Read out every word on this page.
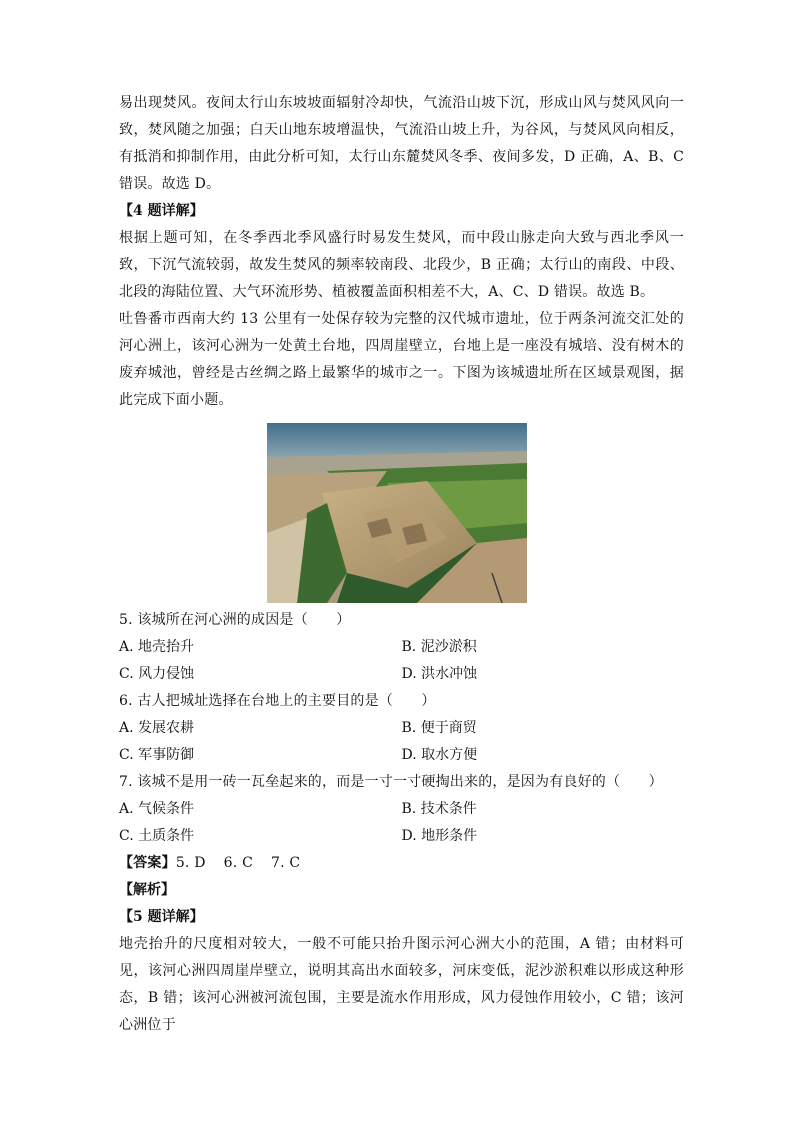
易出现焚风。夜间太行山东坡坡面辐射冷却快，气流沿山坡下沉，形成山风与焚风风向一致，焚风随之加强；白天山地东坡增温快，气流沿山坡上升，为谷风，与焚风风向相反，有抵消和抑制作用，由此分析可知，太行山东麓焚风冬季、夜间多发，D 正确，A、B、C 错误。故选 D。

【4 题详解】

根据上题可知，在冬季西北季风盛行时易发生焚风，而中段山脉走向大致与西北季风一致，下沉气流较弱，故发生焚风的频率较南段、北段少，B 正确；太行山的南段、中段、北段的海陆位置、大气环流形势、植被覆盖面积相差不大，A、C、D 错误。故选 B。

吐鲁番市西南大约 13 公里有一处保存较为完整的汉代城市遗址，位于两条河流交汇处的河心洲上，该河心洲为一处黄土台地，四周崖壁立，台地上是一座没有城培、没有树木的废弃城池，曾经是古丝绸之路上最繁华的城市之一。下图为该城遗址所在区域景观图，据此完成下面小题。

5. 该城所在河心洲的成因是（　　）

A. 地壳抬升	B. 泥沙淤积
C. 风力侵蚀	D. 洪水冲蚀

6. 古人把城址选择在台地上的主要目的是（　　）

A. 发展农耕	B. 便于商贸
C. 军事防御	D. 取水方便

7. 该城不是用一砖一瓦垒起来的，而是一寸一寸硬掏出来的，是因为有良好的（　　）

A. 气候条件	B. 技术条件
C. 土质条件	D. 地形条件

【答案】5. D 6. C 7. C

【解析】

【5 题详解】

地壳抬升的尺度相对较大，一般不可能只抬升图示河心洲大小的范围，A 错；由材料可见，该河心洲四周崖岸壁立，说明其高出水面较多，河床变低，泥沙淤积难以形成这种形态，B 错；该河心洲被河流包围，主要是流水作用形成，风力侵蚀作用较小，C 错；该河心洲位于
